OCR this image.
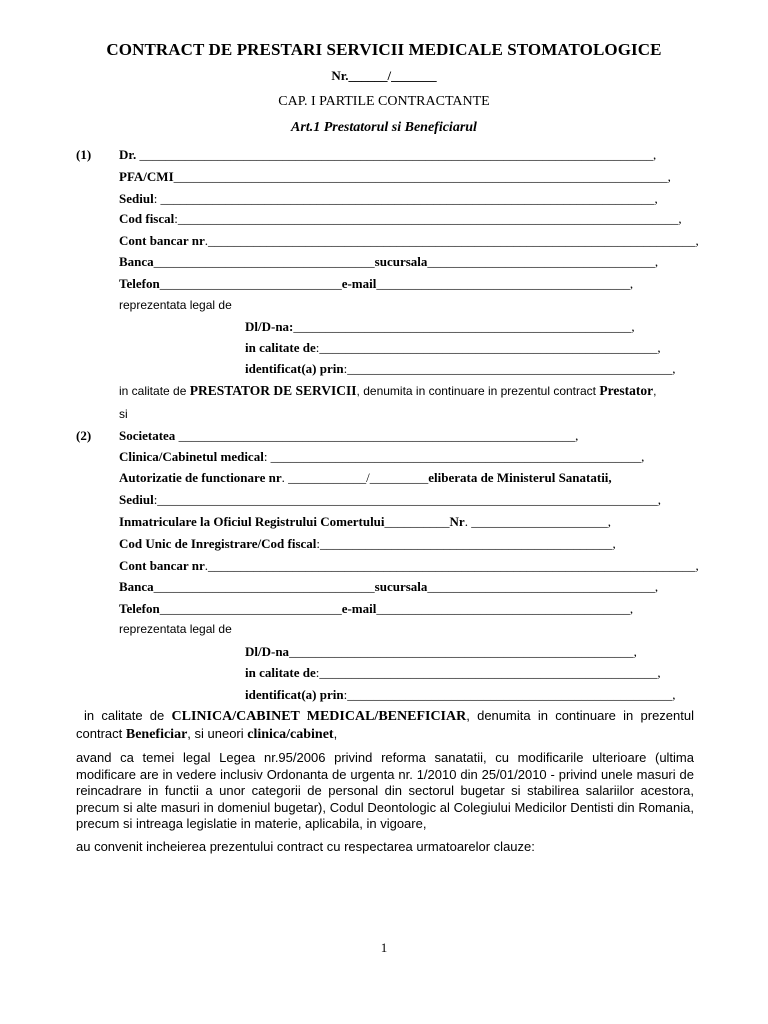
CONTRACT DE PRESTARI SERVICII MEDICALE STOMATOLOGICE
Nr.______/_______
CAP. I PARTILE CONTRACTANTE
Art.1 Prestatorul si Beneficiarul
(1) Dr. _______________________________________________________________________________,
PFA/CMI____________________________________________________________________________,
Sediul: ____________________________________________________________________________,
Cod fiscal:_____________________________________________________________________________,
Cont bancar nr.___________________________________________________________________________,
Banca__________________________________sucursala___________________________________,
Telefon____________________________e-mail_______________________________________,
reprezentata legal de
Dl/D-na:____________________________________________________,
in calitate de:____________________________________________________,
identificat(a) prin:__________________________________________________,
in calitate de PRESTATOR DE SERVICII, denumita in continuare in prezentul contract Prestator,
si
(2) Societatea _____________________________________________________________,
Clinica/Cabinetul medical: _________________________________________________________,
Autorizatie de functionare nr. ____________/_________eliberata de Ministerul Sanatatii,
Sediul:_____________________________________________________________________________,
Inmatriculare la Oficiul Registrului Comertului__________Nr. _____________________,
Cod Unic de Inregistrare/Cod fiscal:_____________________________________________,
Cont bancar nr.___________________________________________________________________________,
Banca__________________________________sucursala___________________________________,
Telefon____________________________e-mail_______________________________________,
reprezentata legal de
Dl/D-na_____________________________________________________,
in calitate de:____________________________________________________,
identificat(a) prin:__________________________________________________,
in calitate de CLINICA/CABINET MEDICAL/BENEFICIAR, denumita in continuare in prezentul contract Beneficiar, si uneori clinica/cabinet,
avand ca temei legal Legea nr.95/2006 privind reforma sanatatii, cu modificarile ulterioare (ultima modificare are in vedere inclusiv Ordonanta de urgenta nr. 1/2010 din 25/01/2010 - privind unele masuri de reincadrare in functii a unor categorii de personal din sectorul bugetar si stabilirea salariilor acestora, precum si alte masuri in domeniul bugetar), Codul Deontologic al Colegiului Medicilor Dentisti din Romania, precum si intreaga legislatie in materie, aplicabila, in vigoare,
au convenit incheierea prezentului contract cu respectarea urmatoarelor clauze:
1
